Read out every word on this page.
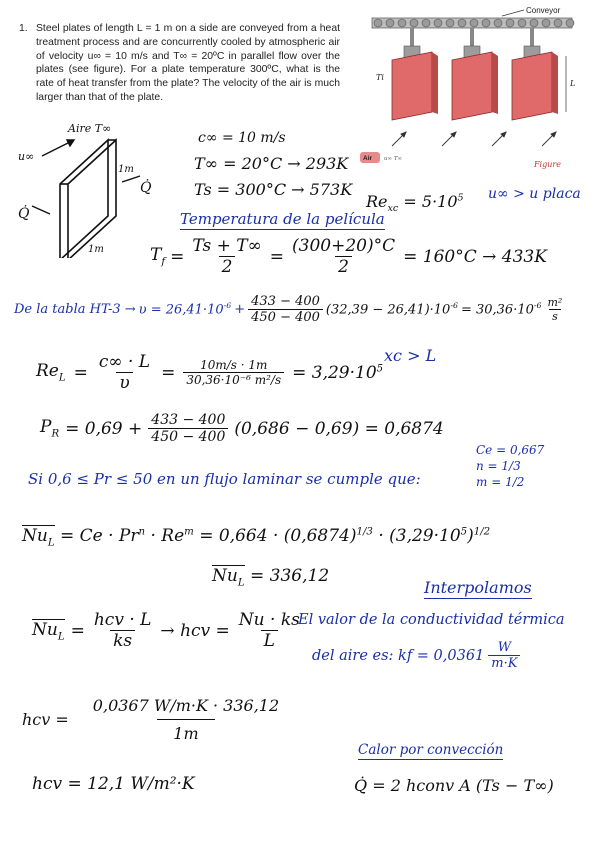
1. Steel plates of length L = 1 m on a side are conveyed from a heat treatment process and are concurrently cooled by atmospheric air of velocity u∞ = 10 m/s and T∞ = 20ºC in parallel flow over the plates (see figure). For a plate temperature 300ºC, what is the rate of heat transfer from the plate? The velocity of the air is much larger than that of the plate.
Conveyor
Ti
L
Air u∞ T∞
Figure
Aire T∞
u∞
1m
1m
Q̇
Q̇
c∞ = 10 m/s
T∞ = 20°C → 293K
Ts = 300°C → 573K
$Re_{xc} = 5\cdot 10^5$ u∞ > u placa
Temperatura de la película
$T_f = \frac{Ts + T\infty}{2} = \frac{(300+20)^\circ C}{2} = 160^\circ C \to 433K$
De la tabla $HT-3 \to \upsilon = 26,41\cdot 10^{-6} + \frac{433 - 400}{450 - 400} (32,39 - 26,41)\cdot 10^{-6} = 30,36\cdot 10^{-6} \frac{\text{m²}}{s}$
$Re_L = \frac{c\infty \cdot L}{\upsilon} = \frac{10m/s \cdot 1m}{\text{30,36·10⁻⁶ m²/s}} = 3,29\cdot 10^5$
xc > L
$P_R = 0,69 + \frac{433 - 400}{450 - 400} (0,686 - 0,69) = 0,6874$
Si 0,6 ≤ Pr ≤ 50 en un flujo laminar se cumple que:
Ce = 0,667
n = 1/3
m = 1/2
$Nu_L = Ce \cdot Pr^n \cdot Re^m = 0,664 \cdot (0,6874)^{1/3} \cdot (3,29\cdot 10^5)^{1/2}$
$Nu_L = 336,12$
Interpolamos
$Nu_L = \frac{\text{hcv · L}}{ks}$ → hcv = $\frac{Nu \cdot ks}{L}$
El valor de la conductividad térmica
del aire es: kf = $0,0361 \frac{W}{m\cdot K}$
hcv = $\frac{0,0367 W/m\cdot K \cdot 336,12}{1m}$
hcv = 12,1 W/m²·K
Calor por convección
Q̇ = 2 hconv A (Ts − T∞)
